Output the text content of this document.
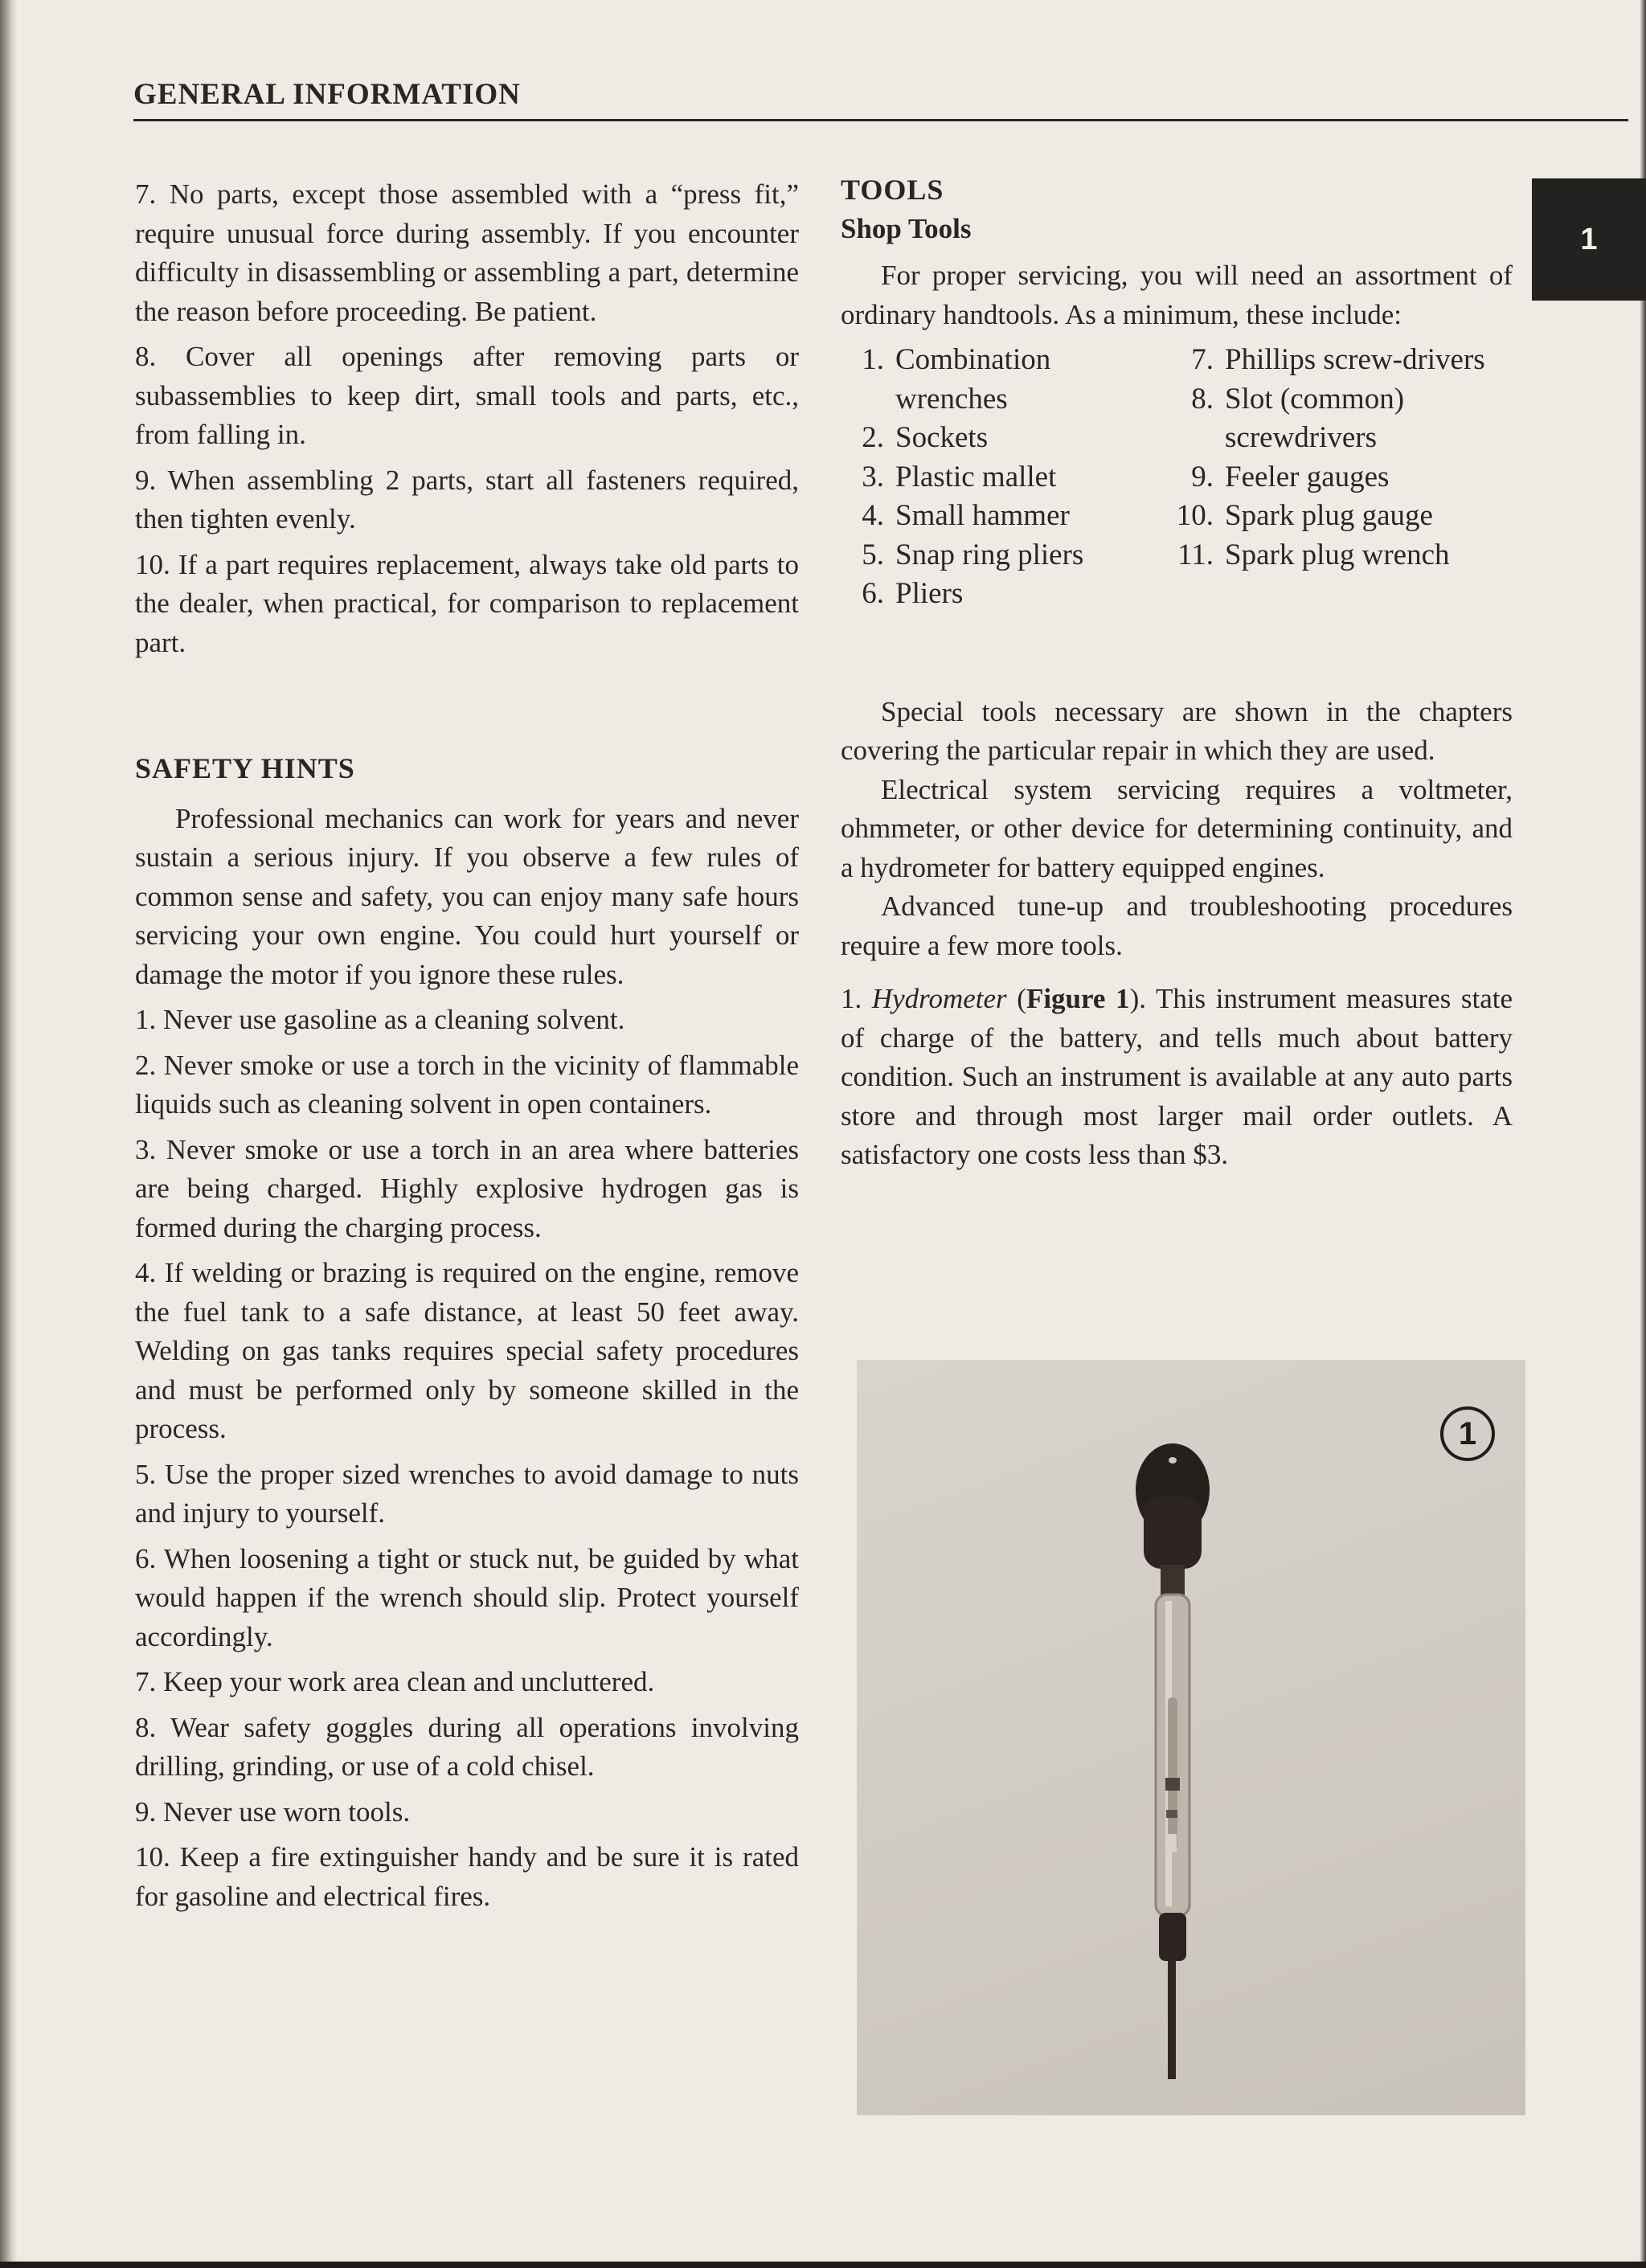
GENERAL INFORMATION
1

7. No parts, except those assembled with a “press fit,” require unusual force during assembly. If you encounter difficulty in disassembling or assembling a part, determine the reason before proceeding. Be patient.

8. Cover all openings after removing parts or subassemblies to keep dirt, small tools and parts, etc., from falling in.

9. When assembling 2 parts, start all fasteners required, then tighten evenly.

10. If a part requires replacement, always take old parts to the dealer, when practical, for comparison to replacement part.

SAFETY HINTS

Professional mechanics can work for years and never sustain a serious injury. If you observe a few rules of common sense and safety, you can enjoy many safe hours servicing your own engine. You could hurt yourself or damage the motor if you ignore these rules.

1. Never use gasoline as a cleaning solvent.

2. Never smoke or use a torch in the vicinity of flammable liquids such as cleaning solvent in open containers.

3. Never smoke or use a torch in an area where batteries are being charged. Highly explosive hydrogen gas is formed during the charging process.

4. If welding or brazing is required on the engine, remove the fuel tank to a safe distance, at least 50 feet away. Welding on gas tanks requires special safety procedures and must be performed only by someone skilled in the process.

5. Use the proper sized wrenches to avoid damage to nuts and injury to yourself.

6. When loosening a tight or stuck nut, be guided by what would happen if the wrench should slip. Protect yourself accordingly.

7. Keep your work area clean and uncluttered.

8. Wear safety goggles during all operations involving drilling, grinding, or use of a cold chisel.

9. Never use worn tools.

10. Keep a fire extinguisher handy and be sure it is rated for gasoline and electrical fires.

TOOLS

Shop Tools

For proper servicing, you will need an assortment of ordinary handtools. As a minimum, these include:

1. Combination wrenches
2. Sockets
3. Plastic mallet
4. Small hammer
5. Snap ring pliers
6. Pliers
7. Phillips screw-drivers
8. Slot (common) screwdrivers
9. Feeler gauges
10. Spark plug gauge
11. Spark plug wrench

Special tools necessary are shown in the chapters covering the particular repair in which they are used.

Electrical system servicing requires a voltmeter, ohmmeter, or other device for determining continuity, and a hydrometer for battery equipped engines.

Advanced tune-up and troubleshooting procedures require a few more tools.

1. Hydrometer (Figure 1). This instrument measures state of charge of the battery, and tells much about battery condition. Such an instrument is available at any auto parts store and through most larger mail order outlets. A satisfactory one costs less than $3.

1
